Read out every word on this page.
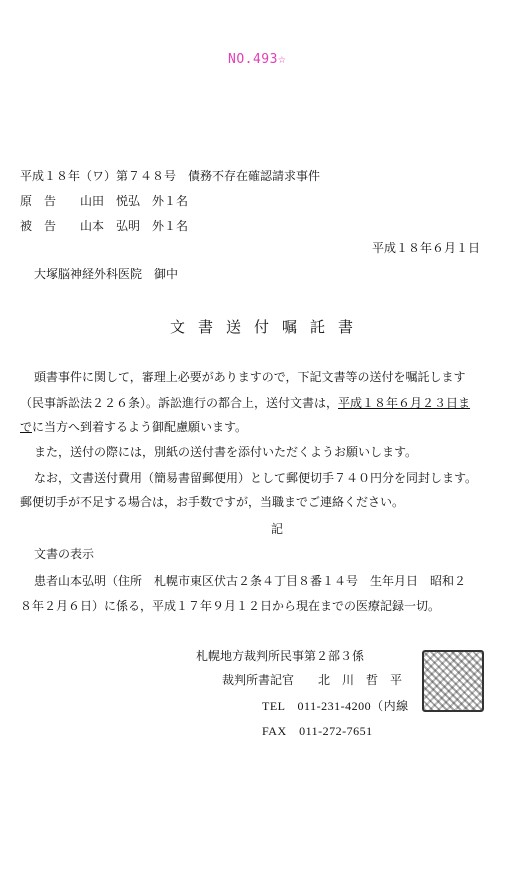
NO.493☆
平成１８年（ワ）第７４８号　債務不存在確認請求事件
原　告　　山田　悦弘　外１名
被　告　　山本　弘明　外１名
平成１８年６月１日
大塚脳神経外科医院　御中
文書送付嘱託書
頭書事件に関して，審理上必要がありますので，下記文書等の送付を嘱託します
（民事訴訟法２２６条）。訴訟進行の都合上，送付文書は，平成１８年６月２３日ま
でに当方へ到着するよう御配慮願います。
また，送付の際には，別紙の送付書を添付いただくようお願いします。
なお，文書送付費用（簡易書留郵便用）として郵便切手７４０円分を同封します。
郵便切手が不足する場合は，お手数ですが，当職までご連絡ください。
記
文書の表示
患者山本弘明（住所　札幌市東区伏古２条４丁目８番１４号　生年月日　昭和２
８年２月６日）に係る，平成１７年９月１２日から現在までの医療記録一切。
札幌地方裁判所民事第２部３係
裁判所書記官　　北　川　哲　平
TEL　011-231-4200（内線
FAX　011-272-7651
